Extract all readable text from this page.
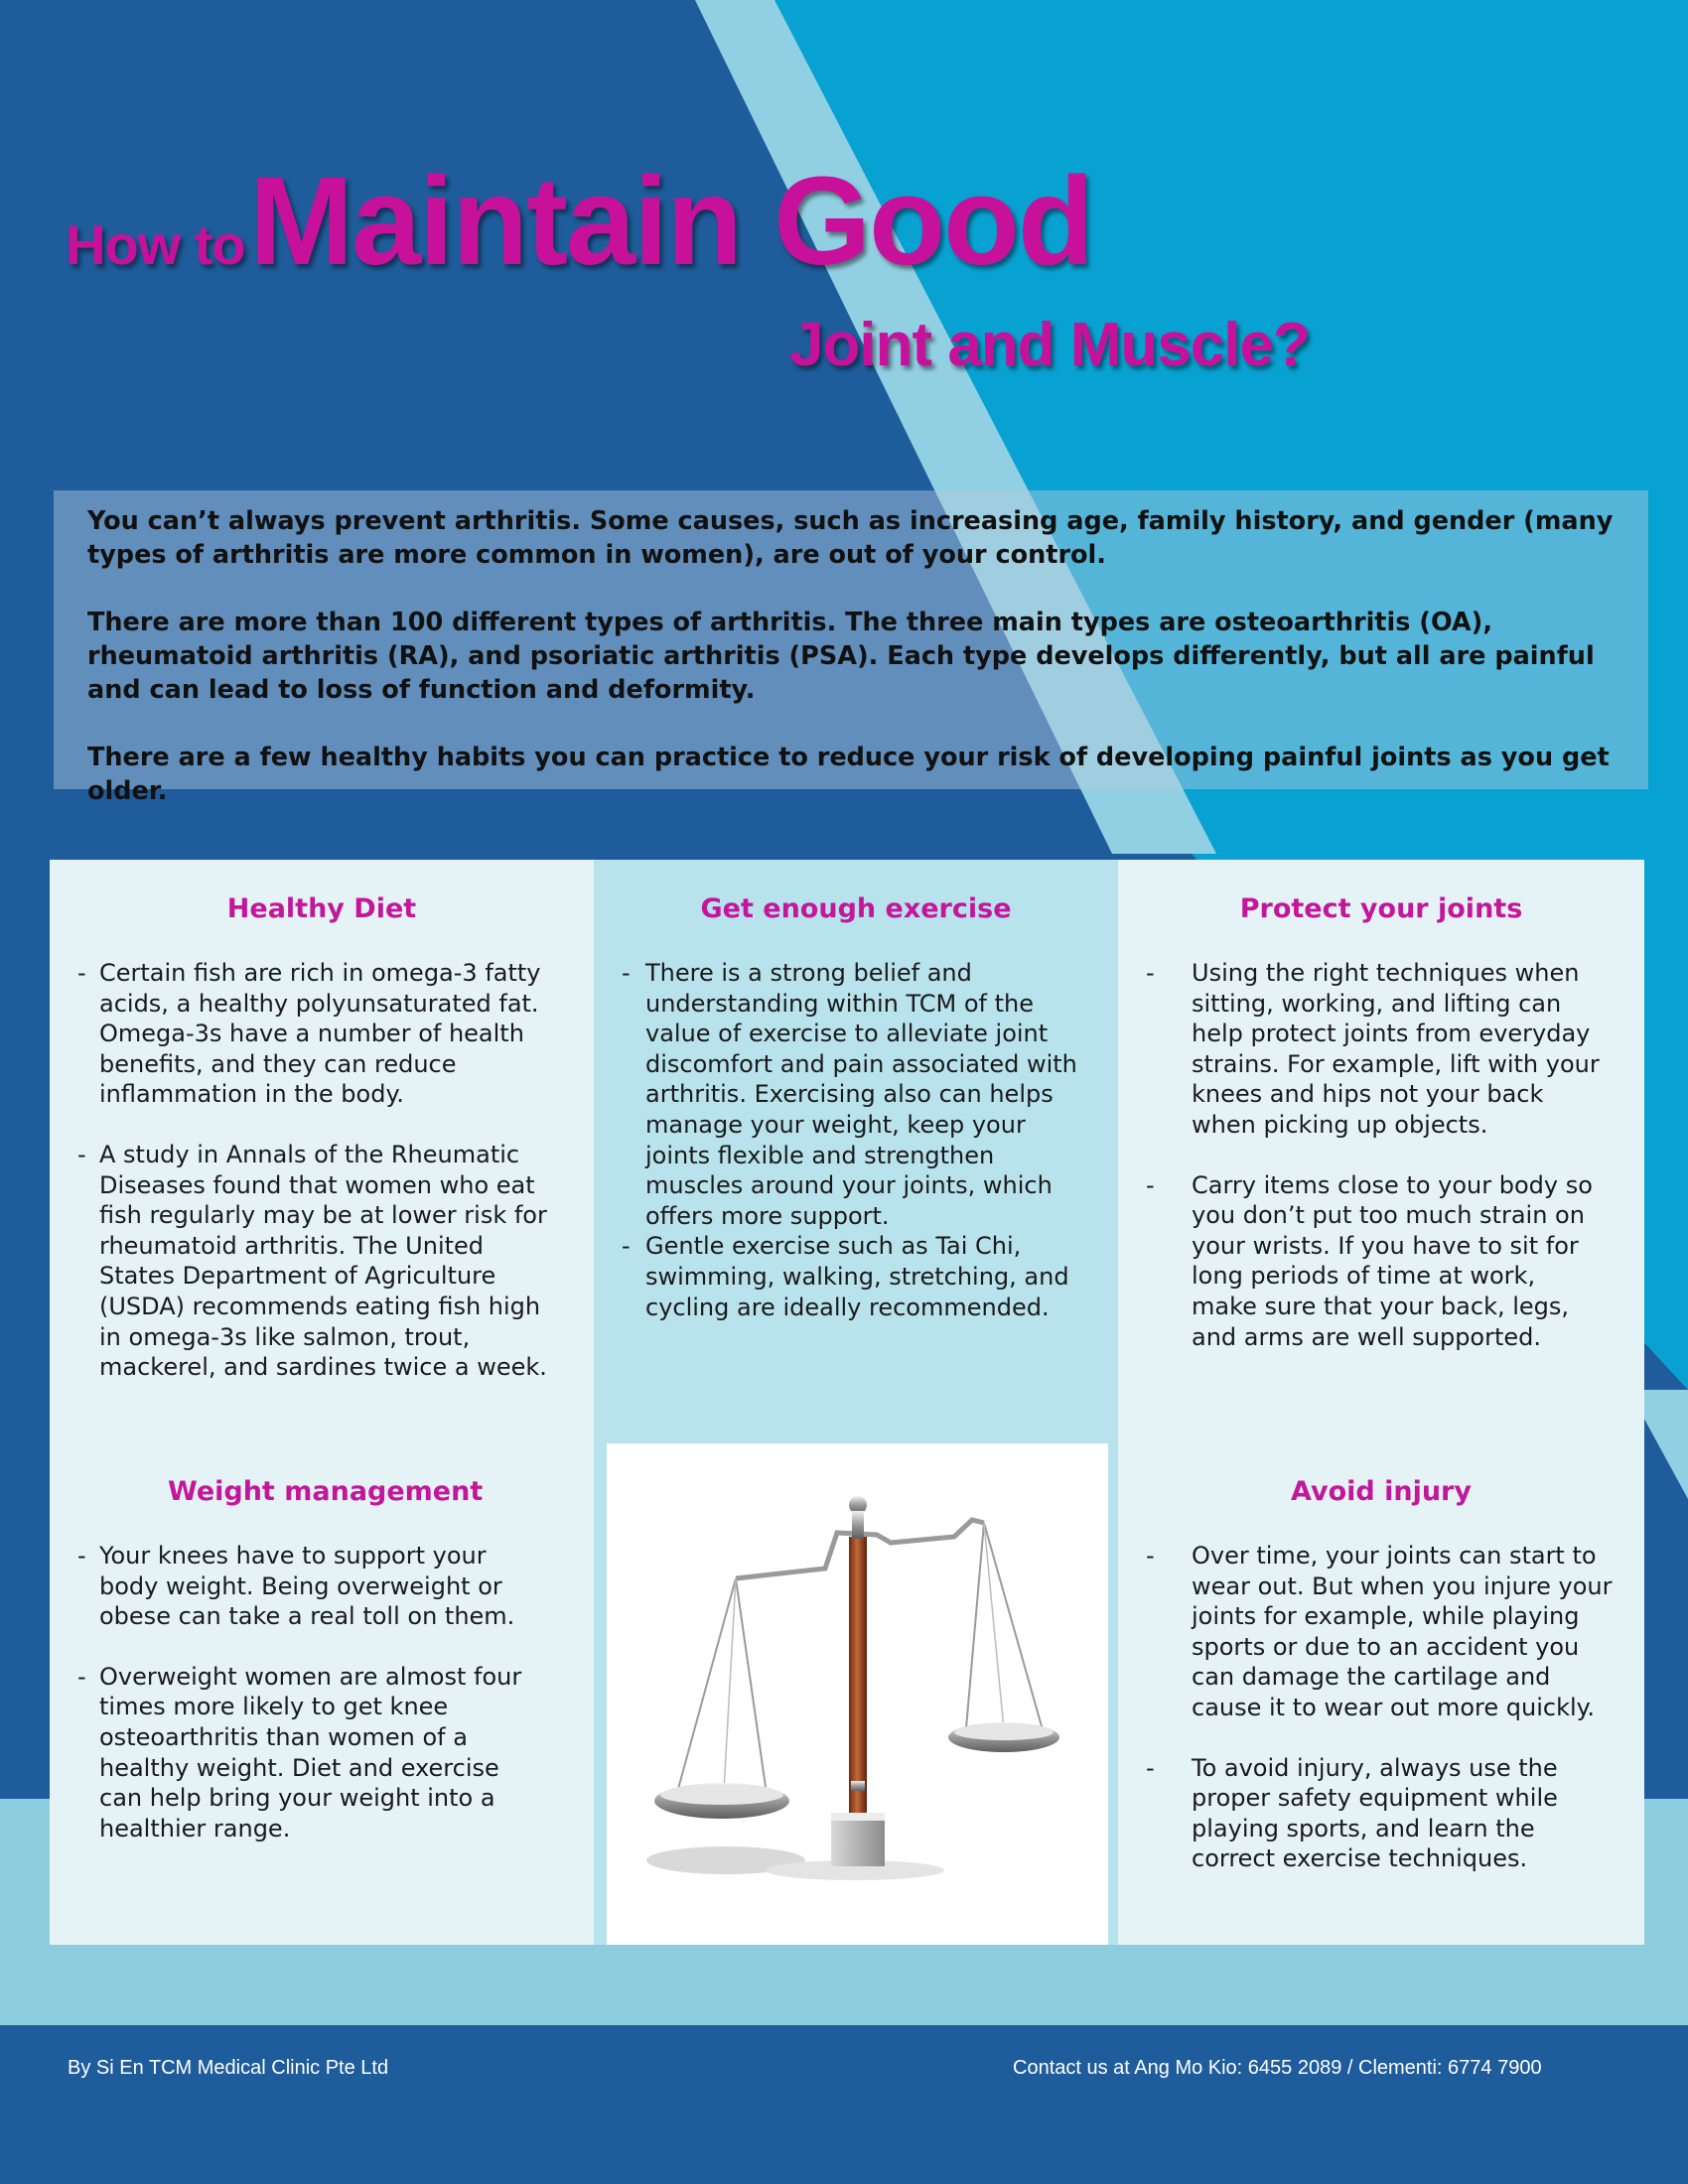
How to Maintain Good
Joint and Muscle?

You can’t always prevent arthritis. Some causes, such as increasing age, family history, and gender (many types of arthritis are more common in women), are out of your control.

There are more than 100 different types of arthritis. The three main types are osteoarthritis (OA), rheumatoid arthritis (RA), and psoriatic arthritis (PSA). Each type develops differently, but all are painful and can lead to loss of function and deformity.

There are a few healthy habits you can practice to reduce your risk of developing painful joints as you get older.

Healthy Diet
- Certain fish are rich in omega-3 fatty acids, a healthy polyunsaturated fat. Omega-3s have a number of health benefits, and they can reduce inflammation in the body.
- A study in Annals of the Rheumatic Diseases found that women who eat fish regularly may be at lower risk for rheumatoid arthritis. The United States Department of Agriculture (USDA) recommends eating fish high in omega-3s like salmon, trout, mackerel, and sardines twice a week.
Get enough exercise
- There is a strong belief and understanding within TCM of the value of exercise to alleviate joint discomfort and pain associated with arthritis. Exercising also can helps manage your weight, keep your joints flexible and strengthen muscles around your joints, which offers more support.
- Gentle exercise such as Tai Chi, swimming, walking, stretching, and cycling are ideally recommended.
Protect your joints
- Using the right techniques when sitting, working, and lifting can help protect joints from everyday strains. For example, lift with your knees and hips not your back when picking up objects.
- Carry items close to your body so you don’t put too much strain on your wrists. If you have to sit for long periods of time at work, make sure that your back, legs, and arms are well supported.
Weight management
- Your knees have to support your body weight. Being overweight or obese can take a real toll on them.
- Overweight women are almost four times more likely to get knee osteoarthritis than women of a healthy weight. Diet and exercise can help bring your weight into a healthier range.
Avoid injury
- Over time, your joints can start to wear out. But when you injure your joints for example, while playing sports or due to an accident you can damage the cartilage and cause it to wear out more quickly.
- To avoid injury, always use the proper safety equipment while playing sports, and learn the correct exercise techniques.
By Si En TCM Medical Clinic Pte Ltd	Contact us at Ang Mo Kio: 6455 2089 / Clementi: 6774 7900
